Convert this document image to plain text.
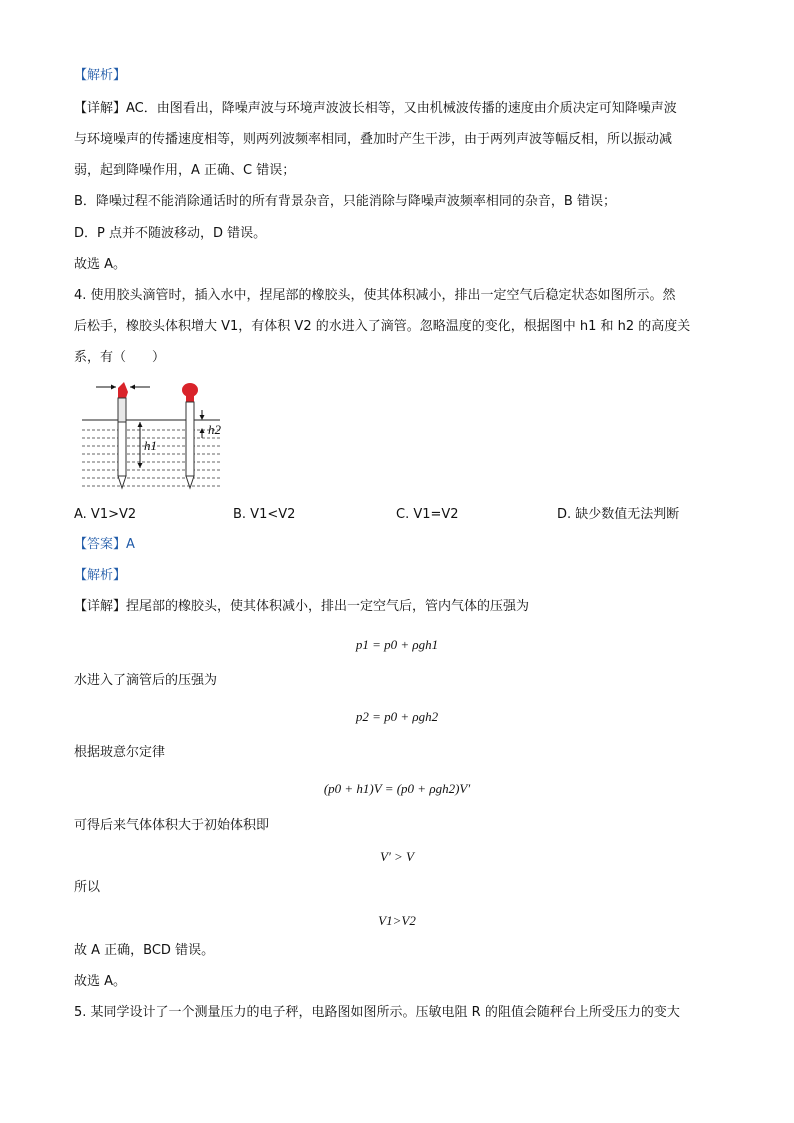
【解析】
【详解】AC．由图看出，降噪声波与环境声波波长相等，又由机械波传播的速度由介质决定可知降噪声波
与环境噪声的传播速度相等，则两列波频率相同，叠加时产生干涉，由于两列声波等幅反相，所以振动减
弱，起到降噪作用，A 正确、C 错误；
B．降噪过程不能消除通话时的所有背景杂音，只能消除与降噪声波频率相同的杂音，B 错误；
D．P 点并不随波移动，D 错误。
故选 A。
4. 使用胶头滴管时，插入水中，捏尾部的橡胶头，使其体积减小，排出一定空气后稳定状态如图所示。然
后松手，橡胶头体积增大 V1，有体积 V2 的水进入了滴管。忽略温度的变化，根据图中 h1 和 h2 的高度关
系，有（　　）
h1
h2
A. V1>V2	B. V1<V2	C. V1=V2	D. 缺少数值无法判断
【答案】A
【解析】
【详解】捏尾部的橡胶头，使其体积减小，排出一定空气后，管内气体的压强为
p1 = p0 + ρgh1
水进入了滴管后的压强为
p2 = p0 + ρgh2
根据玻意尔定律
(p0 + h1)V = (p0 + ρgh2)V′
可得后来气体体积大于初始体积即
V′ > V
所以
V1>V2
故 A 正确，BCD 错误。
故选 A。
5. 某同学设计了一个测量压力的电子秤，电路图如图所示。压敏电阻 R 的阻值会随秤台上所受压力的变大
